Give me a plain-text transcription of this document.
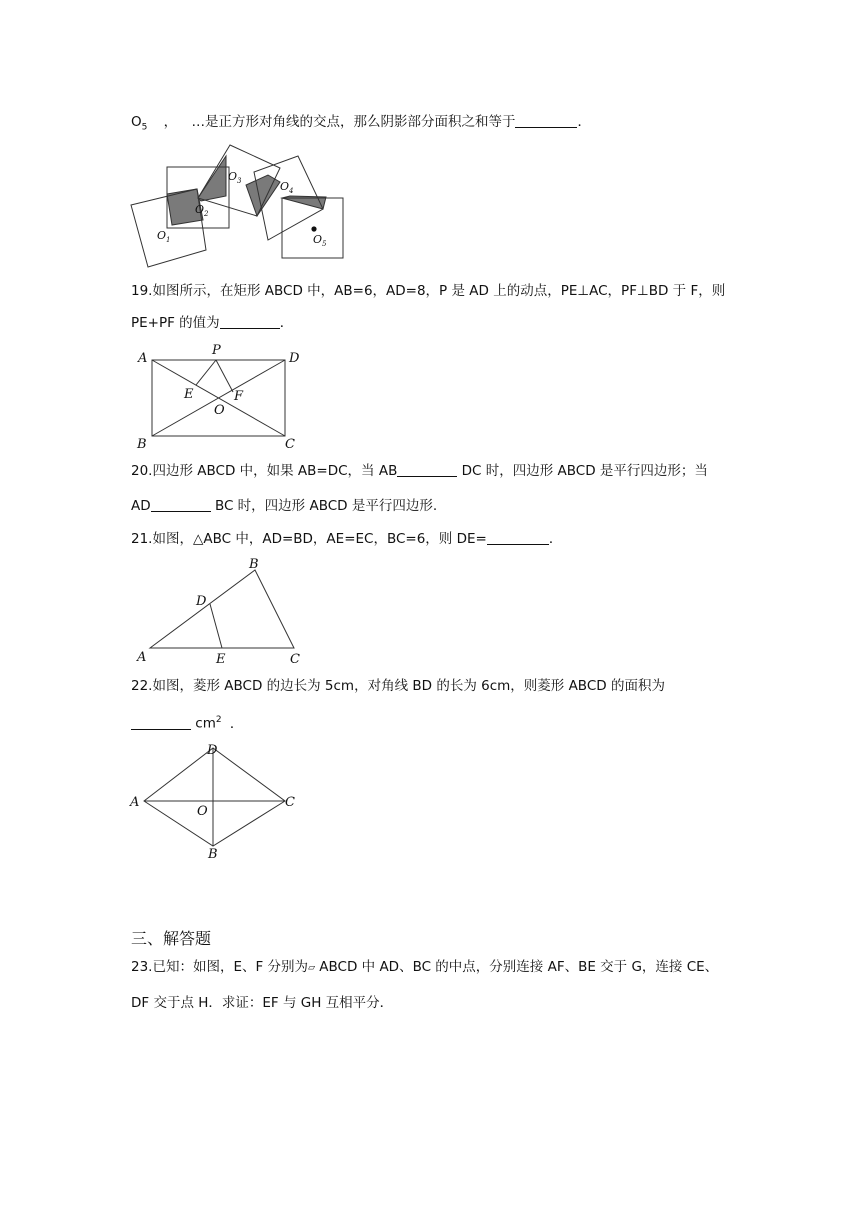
$O_5$ ， …是正方形对角线的交点，那么阴影部分面积之和等于	．
O 1
O 2
O 3	O 4
O 5
19.如图所示，在矩形 ABCD 中，AB=6，AD=8，P 是 AD 上的动点，PE⊥AC，PF⊥BD 于 F，则
PE+PF 的值为	．
A
P
D
E	F
O
B	C
20.四边形 ABCD 中，如果 AB=DC，当 AB	DC 时，四边形 ABCD 是平行四边形；当
AD	BC 时，四边形 ABCD 是平行四边形.
21.如图，△ABC 中，AD=BD，AE=EC，BC=6，则 DE=	．
A
B
C
D
E
22.如图，菱形 ABCD 的边长为 5cm，对角线 BD 的长为 6cm，则菱形 ABCD 的面积为
$cm^2$ ．
D
A	C
O
B
三、解答题
23.已知：如图，E、F 分别为▱ ABCD 中 AD、BC 的中点，分别连接 AF、BE 交于 G，连接 CE、
DF 交于点 H．求证：EF 与 GH 互相平分．
